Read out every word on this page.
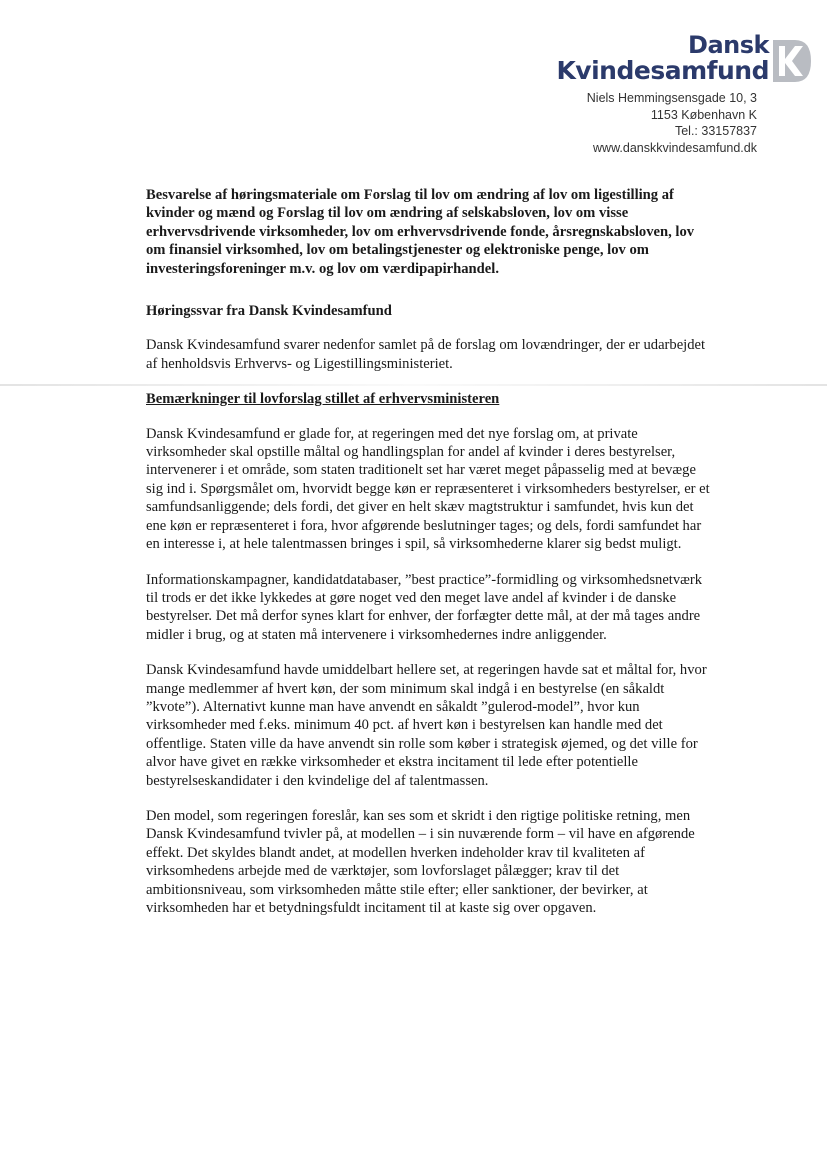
Dansk
Kvindesamfund
Niels Hemmingsensgade 10, 3
1153 København K
Tel.: 33157837
www.danskkvindesamfund.dk

Besvarelse af høringsmateriale om Forslag til lov om ændring af lov om ligestilling af kvinder og mænd og Forslag til lov om ændring af selskabsloven, lov om visse erhvervsdrivende virksomheder, lov om erhvervsdrivende fonde, årsregnskabsloven, lov om finansiel virksomhed, lov om betalingstjenester og elektroniske penge, lov om investeringsforeninger m.v. og lov om værdipapirhandel.

Høringssvar fra Dansk Kvindesamfund

Dansk Kvindesamfund svarer nedenfor samlet på de forslag om lovændringer, der er udarbejdet af henholdsvis Erhvervs- og Ligestillingsministeriet.

Bemærkninger til lovforslag stillet af erhvervsministeren

Dansk Kvindesamfund er glade for, at regeringen med det nye forslag om, at private virksomheder skal opstille måltal og handlingsplan for andel af kvinder i deres bestyrelser, intervenerer i et område, som staten traditionelt set har været meget påpasselig med at bevæge sig ind i. Spørgsmålet om, hvorvidt begge køn er repræsenteret i virksomheders bestyrelser, er et samfundsanliggende; dels fordi, det giver en helt skæv magtstruktur i samfundet, hvis kun det ene køn er repræsenteret i fora, hvor afgørende beslutninger tages; og dels, fordi samfundet har en interesse i, at hele talentmassen bringes i spil, så virksomhederne klarer sig bedst muligt.

Informationskampagner, kandidatdatabaser, ”best practice”-formidling og virksomhedsnetværk til trods er det ikke lykkedes at gøre noget ved den meget lave andel af kvinder i de danske bestyrelser. Det må derfor synes klart for enhver, der forfægter dette mål, at der må tages andre midler i brug, og at staten må intervenere i virksomhedernes indre anliggender.

Dansk Kvindesamfund havde umiddelbart hellere set, at regeringen havde sat et måltal for, hvor mange medlemmer af hvert køn, der som minimum skal indgå i en bestyrelse (en såkaldt ”kvote”). Alternativt kunne man have anvendt en såkaldt ”gulerod-model”, hvor kun virksomheder med f.eks. minimum 40 pct. af hvert køn i bestyrelsen kan handle med det offentlige. Staten ville da have anvendt sin rolle som køber i strategisk øjemed, og det ville for alvor have givet en række virksomheder et ekstra incitament til lede efter potentielle bestyrelseskandidater i den kvindelige del af talentmassen.

Den model, som regeringen foreslår, kan ses som et skridt i den rigtige politiske retning, men Dansk Kvindesamfund tvivler på, at modellen – i sin nuværende form – vil have en afgørende effekt. Det skyldes blandt andet, at modellen hverken indeholder krav til kvaliteten af virksomhedens arbejde med de værktøjer, som lovforslaget pålægger; krav til det ambitionsniveau, som virksomheden måtte stile efter; eller sanktioner, der bevirker, at virksomheden har et betydningsfuldt incitament til at kaste sig over opgaven.
